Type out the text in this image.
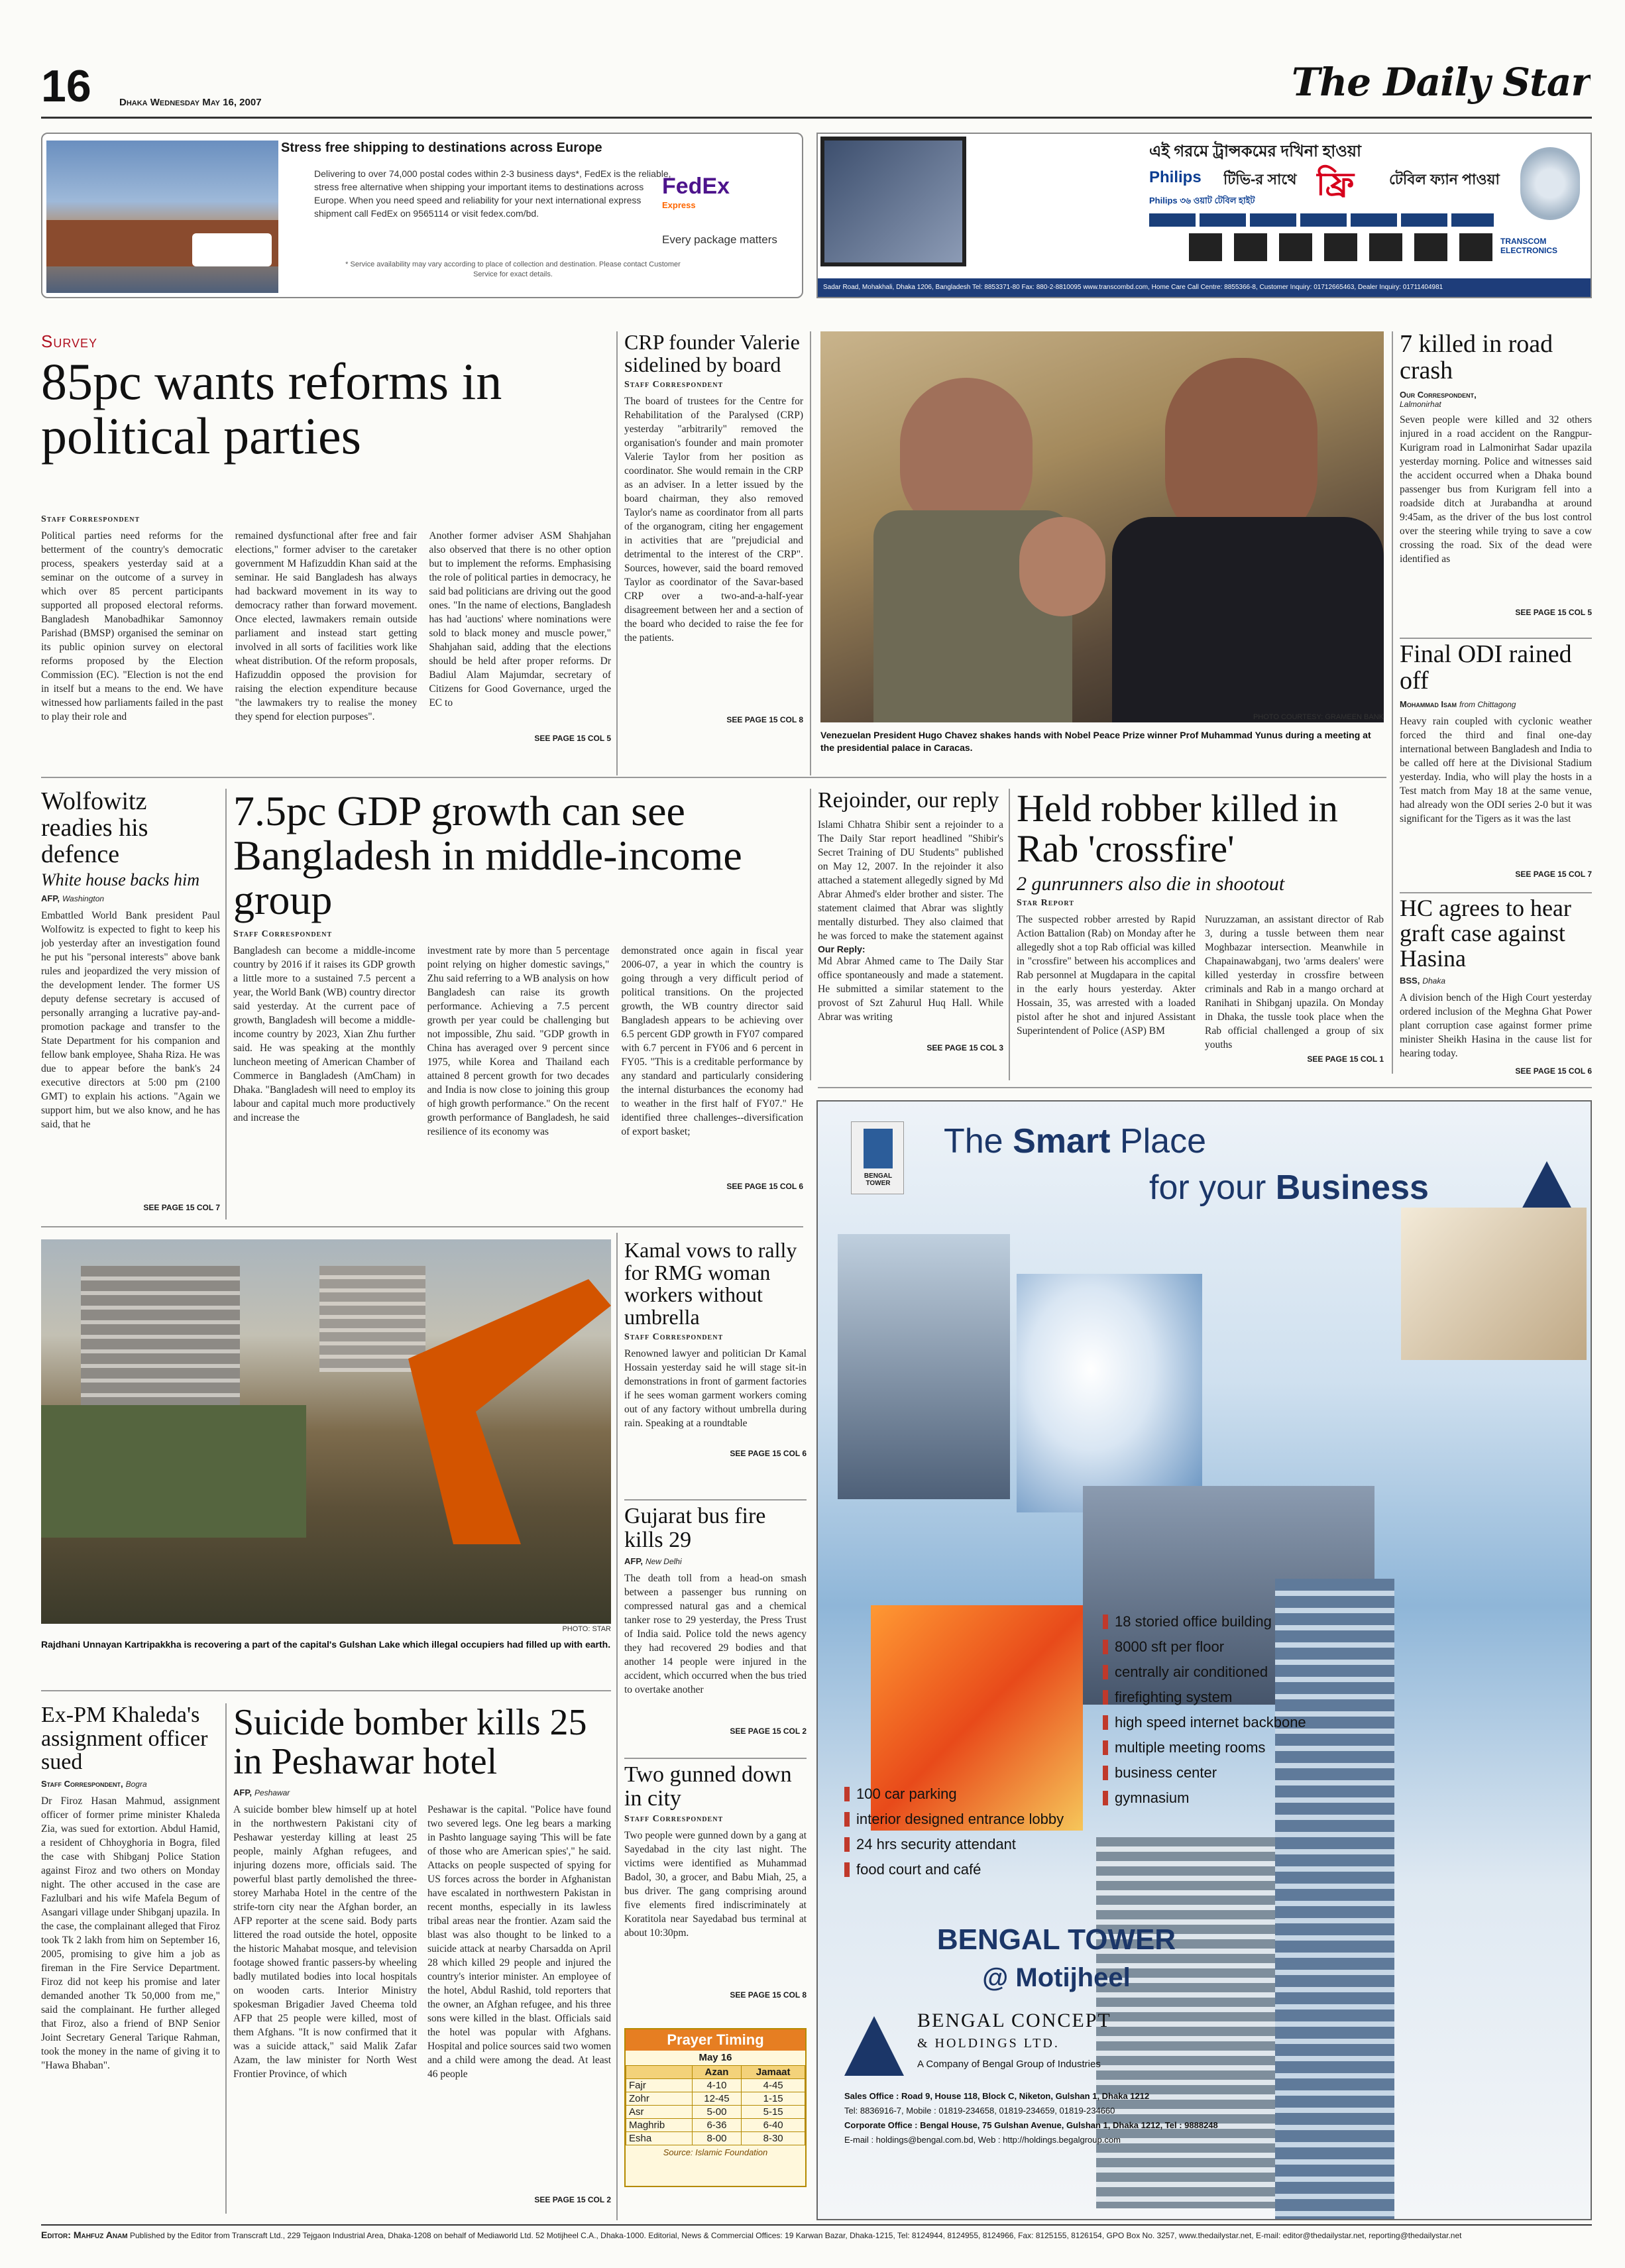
16	Dhaka Wednesday May 16, 2007	The Daily Star
Stress free shipping to destinations across Europe
Delivering to over 74,000 postal codes within 2-3 business days*, FedEx is the reliable, stress free alternative when shipping your important items to destinations across Europe. When you need speed and reliability for your next international express shipment call FedEx on 9565114 or visit fedex.com/bd.
* Service availability may vary according to place of collection and destination. Please contact Customer Service for exact details.
FedEx
Express
Every package matters
এই গরমে ট্রান্সকমের দখিনা হাওয়া
Philips	টিভি-র সাথে ফ্রি	টেবিল ফ্যান পাওয়া
Philips ৩৬ ওয়াট টেবিল হাইট
TRANSCOM ELECTRONICS
Sadar Road, Mohakhali, Dhaka 1206, Bangladesh Tel: 8853371-80 Fax: 880-2-8810095 www.transcombd.com, Home Care Call Centre: 8855366-8, Customer Inquiry: 01712665463, Dealer Inquiry: 01711404981
Survey
85pc wants reforms in political parties
Staff Correspondent
Political parties need reforms for the betterment of the country's democratic process, speakers yesterday said at a seminar on the outcome of a survey in which over 85 percent participants supported all proposed electoral reforms. Bangladesh Manobadhikar Samonnoy Parishad (BMSP) organised the seminar on its public opinion survey on electoral reforms proposed by the Election Commission (EC). "Election is not the end in itself but a means to the end. We have witnessed how parliaments failed in the past to play their role and
remained dysfunctional after free and fair elections," former adviser to the caretaker government M Hafizuddin Khan said at the seminar. He said Bangladesh has always had backward movement in its way to democracy rather than forward movement. Once elected, lawmakers remain outside parliament and instead start getting involved in all sorts of facilities work like wheat distribution. Of the reform proposals, Hafizuddin opposed the provision for raising the election expenditure because "the lawmakers try to realise the money they spend for election purposes".
Another former adviser ASM Shahjahan also observed that there is no other option but to implement the reforms. Emphasising the role of political parties in democracy, he said bad politicians are driving out the good ones. "In the name of elections, Bangladesh has had 'auctions' where nominations were sold to black money and muscle power," Shahjahan said, adding that the elections should be held after proper reforms. Dr Badiul Alam Majumdar, secretary of Citizens for Good Governance, urged the EC to
SEE PAGE 15 COL 5
CRP founder Valerie sidelined by board
Staff Correspondent
The board of trustees for the Centre for Rehabilitation of the Paralysed (CRP) yesterday "arbitrarily" removed the organisation's founder and main promoter Valerie Taylor from her position as coordinator. She would remain in the CRP as an adviser. In a letter issued by the board chairman, they also removed Taylor's name as coordinator from all parts of the organogram, citing her engagement in activities that are "prejudicial and detrimental to the interest of the CRP". Sources, however, said the board removed Taylor as coordinator of the Savar-based CRP over a two-and-a-half-year disagreement between her and a section of the board who decided to raise the fee for the patients.
SEE PAGE 15 COL 8	PHOTO COURTESY: GRAMEEN BANK
Venezuelan President Hugo Chavez shakes hands with Nobel Peace Prize winner Prof Muhammad Yunus during a meeting at the presidential palace in Caracas.
7 killed in road crash
Our Correspondent,
Lalmonirhat
Seven people were killed and 32 others injured in a road accident on the Rangpur-Kurigram road in Lalmonirhat Sadar upazila yesterday morning. Police and witnesses said the accident occurred when a Dhaka bound passenger bus from Kurigram fell into a roadside ditch at Jurabandha at around 9:45am, as the driver of the bus lost control over the steering while trying to save a cow crossing the road. Six of the dead were identified as
SEE PAGE 15 COL 5
Final ODI rained off
Mohammad Isam from Chittagong
Heavy rain coupled with cyclonic weather forced the third and final one-day international between Bangladesh and India to be called off here at the Divisional Stadium yesterday. India, who will play the hosts in a Test match from May 18 at the same venue, had already won the ODI series 2-0 but it was significant for the Tigers as it was the last
SEE PAGE 15 COL 7
HC agrees to hear graft case against Hasina
BSS, Dhaka
A division bench of the High Court yesterday ordered inclusion of the Meghna Ghat Power plant corruption case against former prime minister Sheikh Hasina in the cause list for hearing today.
SEE PAGE 15 COL 6
Wolfowitz readies his defence
White house backs him
AFP, Washington
Embattled World Bank president Paul Wolfowitz is expected to fight to keep his job yesterday after an investigation found he put his "personal interests" above bank rules and jeopardized the very mission of the development lender. The former US deputy defense secretary is accused of personally arranging a lucrative pay-and-promotion package and transfer to the State Department for his companion and fellow bank employee, Shaha Riza. He was due to appear before the bank's 24 executive directors at 5:00 pm (2100 GMT) to explain his actions. "Again we support him, but we also know, and he has said, that he
SEE PAGE 15 COL 7
7.5pc GDP growth can see Bangladesh in middle-income group
Staff Correspondent
Bangladesh can become a middle-income country by 2016 if it raises its GDP growth a little more to a sustained 7.5 percent a year, the World Bank (WB) country director said yesterday. At the current pace of growth, Bangladesh will become a middle-income country by 2023, Xian Zhu further said. He was speaking at the monthly luncheon meeting of American Chamber of Commerce in Bangladesh (AmCham) in Dhaka. "Bangladesh will need to employ its labour and capital much more productively and increase the
investment rate by more than 5 percentage point relying on higher domestic savings," Zhu said referring to a WB analysis on how Bangladesh can raise its growth performance. Achieving a 7.5 percent growth per year could be challenging but not impossible, Zhu said. "GDP growth in China has averaged over 9 percent since 1975, while Korea and Thailand each attained 8 percent growth for two decades and India is now close to joining this group of high growth performance." On the recent growth performance of Bangladesh, he said resilience of its economy was
demonstrated once again in fiscal year 2006-07, a year in which the country is going through a very difficult period of political transitions. On the projected growth, the WB country director said Bangladesh appears to be achieving over 6.5 percent GDP growth in FY07 compared with 6.7 percent in FY06 and 6 percent in FY05. "This is a creditable performance by any standard and particularly considering the internal disturbances the economy had to weather in the first half of FY07." He identified three challenges--diversification of export basket;
SEE PAGE 15 COL 6
Rejoinder, our reply
Islami Chhatra Shibir sent a rejoinder to a The Daily Star report headlined "Shibir's Secret Training of DU Students" published on May 12, 2007. In the rejoinder it also attached a statement allegedly signed by Md Abrar Ahmed's elder brother and sister. The statement claimed that Abrar was slightly mentally disturbed. They also claimed that he was forced to make the statement against
Our Reply:
Md Abrar Ahmed came to The Daily Star office spontaneously and made a statement. He submitted a similar statement to the provost of Szt Zahurul Huq Hall. While Abrar was writing
SEE PAGE 15 COL 3
Held robber killed in Rab 'crossfire'
2 gunrunners also die in shootout
Star Report
The suspected robber arrested by Rapid Action Battalion (Rab) on Monday after he allegedly shot a top Rab official was killed in "crossfire" between his accomplices and Rab personnel at Mugdapara in the capital in the early hours yesterday. Akter Hossain, 35, was arrested with a loaded pistol after he shot and injured Assistant Superintendent of Police (ASP) BM
Nuruzzaman, an assistant director of Rab 3, during a tussle between them near Moghbazar intersection. Meanwhile in Chapainawabganj, two 'arms dealers' were killed yesterday in crossfire between criminals and Rab in a mango orchard at Ranihati in Shibganj upazila. On Monday in Dhaka, the tussle took place when the Rab official challenged a group of six youths
SEE PAGE 15 COL 1
BENGAL TOWER
The Smart Place
for your Business
18 storied office building
8000 sft per floor
centrally air conditioned
firefighting system
high speed internet backbone
multiple meeting rooms
business center
gymnasium
100 car parking
interior designed entrance lobby
24 hrs security attendant
food court and café
BENGAL TOWER
@ Motijheel
BENGAL CONCEPT
& HOLDINGS LTD.
A Company of Bengal Group of Industries
Sales Office : Road 9, House 118, Block C, Niketon, Gulshan 1, Dhaka 1212
Tel: 8836916-7, Mobile : 01819-234658, 01819-234659, 01819-234660
Corporate Office : Bengal House, 75 Gulshan Avenue, Gulshan 1, Dhaka 1212, Tel : 9888248
E-mail : holdings@bengal.com.bd, Web : http://holdings.begalgroup.com
PHOTO: STAR
Rajdhani Unnayan Kartripakkha is recovering a part of the capital's Gulshan Lake which illegal occupiers had filled up with earth.
Kamal vows to rally for RMG woman workers without umbrella
Staff Correspondent
Renowned lawyer and politician Dr Kamal Hossain yesterday said he will stage sit-in demonstrations in front of garment factories if he sees woman garment workers coming out of any factory without umbrella during rain. Speaking at a roundtable
SEE PAGE 15 COL 6
Gujarat bus fire kills 29
AFP, New Delhi
The death toll from a head-on smash between a passenger bus running on compressed natural gas and a chemical tanker rose to 29 yesterday, the Press Trust of India said. Police told the news agency they had recovered 29 bodies and that another 14 people were injured in the accident, which occurred when the bus tried to overtake another
SEE PAGE 15 COL 2
Two gunned down in city
Staff Correspondent
Two people were gunned down by a gang at Sayedabad in the city last night. The victims were identified as Muhammad Badol, 30, a grocer, and Babu Miah, 25, a bus driver. The gang comprising around five elements fired indiscriminately at Koratitola near Sayedabad bus terminal at about 10:30pm.
SEE PAGE 15 COL 8
Prayer Timing
May 16
	Azan	Jamaat
Fajr	4-10	4-45
Zohr	12-45	1-15
Asr	5-00	5-15
Maghrib	6-36	6-40
Esha	8-00	8-30
Source: Islamic Foundation
Ex-PM Khaleda's assignment officer sued
Staff Correspondent, Bogra
Dr Firoz Hasan Mahmud, assignment officer of former prime minister Khaleda Zia, was sued for extortion. Abdul Hamid, a resident of Chhoyghoria in Bogra, filed the case with Shibganj Police Station against Firoz and two others on Monday night. The other accused in the case are Fazlulbari and his wife Mafela Begum of Asangari village under Shibganj upazila. In the case, the complainant alleged that Firoz took Tk 2 lakh from him on September 16, 2005, promising to give him a job as fireman in the Fire Service Department. Firoz did not keep his promise and later demanded another Tk 50,000 from me," said the complainant. He further alleged that Firoz, also a friend of BNP Senior Joint Secretary General Tarique Rahman, took the money in the name of giving it to "Hawa Bhaban".
Suicide bomber kills 25 in Peshawar hotel
AFP, Peshawar
A suicide bomber blew himself up at hotel in the northwestern Pakistani city of Peshawar yesterday killing at least 25 people, mainly Afghan refugees, and injuring dozens more, officials said. The powerful blast partly demolished the three-storey Marhaba Hotel in the centre of the strife-torn city near the Afghan border, an AFP reporter at the scene said. Body parts littered the road outside the hotel, opposite the historic Mahabat mosque, and television footage showed frantic passers-by wheeling badly mutilated bodies into local hospitals on wooden carts. Interior Ministry spokesman Brigadier Javed Cheema told AFP that 25 people were killed, most of them Afghans. "It is now confirmed that it was a suicide attack," said Malik Zafar Azam, the law minister for North West Frontier Province, of which
Peshawar is the capital. "Police have found two severed legs. One leg bears a marking in Pashto language saying 'This will be fate of those who are American spies'," he said. Attacks on people suspected of spying for US forces across the border in Afghanistan have escalated in northwestern Pakistan in recent months, especially in its lawless tribal areas near the frontier. Azam said the blast was also thought to be linked to a suicide attack at nearby Charsadda on April 28 which killed 29 people and injured the country's interior minister. An employee of the hotel, Abdul Rashid, told reporters that the owner, an Afghan refugee, and his three sons were killed in the blast. Officials said the hotel was popular with Afghans. Hospital and police sources said two women and a child were among the dead. At least 46 people
SEE PAGE 15 COL 2
Editor: Mahfuz Anam Published by the Editor from Transcraft Ltd., 229 Tejgaon Industrial Area, Dhaka-1208 on behalf of Mediaworld Ltd. 52 Motijheel C.A., Dhaka-1000. Editorial, News & Commercial Offices: 19 Karwan Bazar, Dhaka-1215, Tel: 8124944, 8124955, 8124966, Fax: 8125155, 8126154, GPO Box No. 3257, www.thedailystar.net, E-mail: editor@thedailystar.net, reporting@thedailystar.net
